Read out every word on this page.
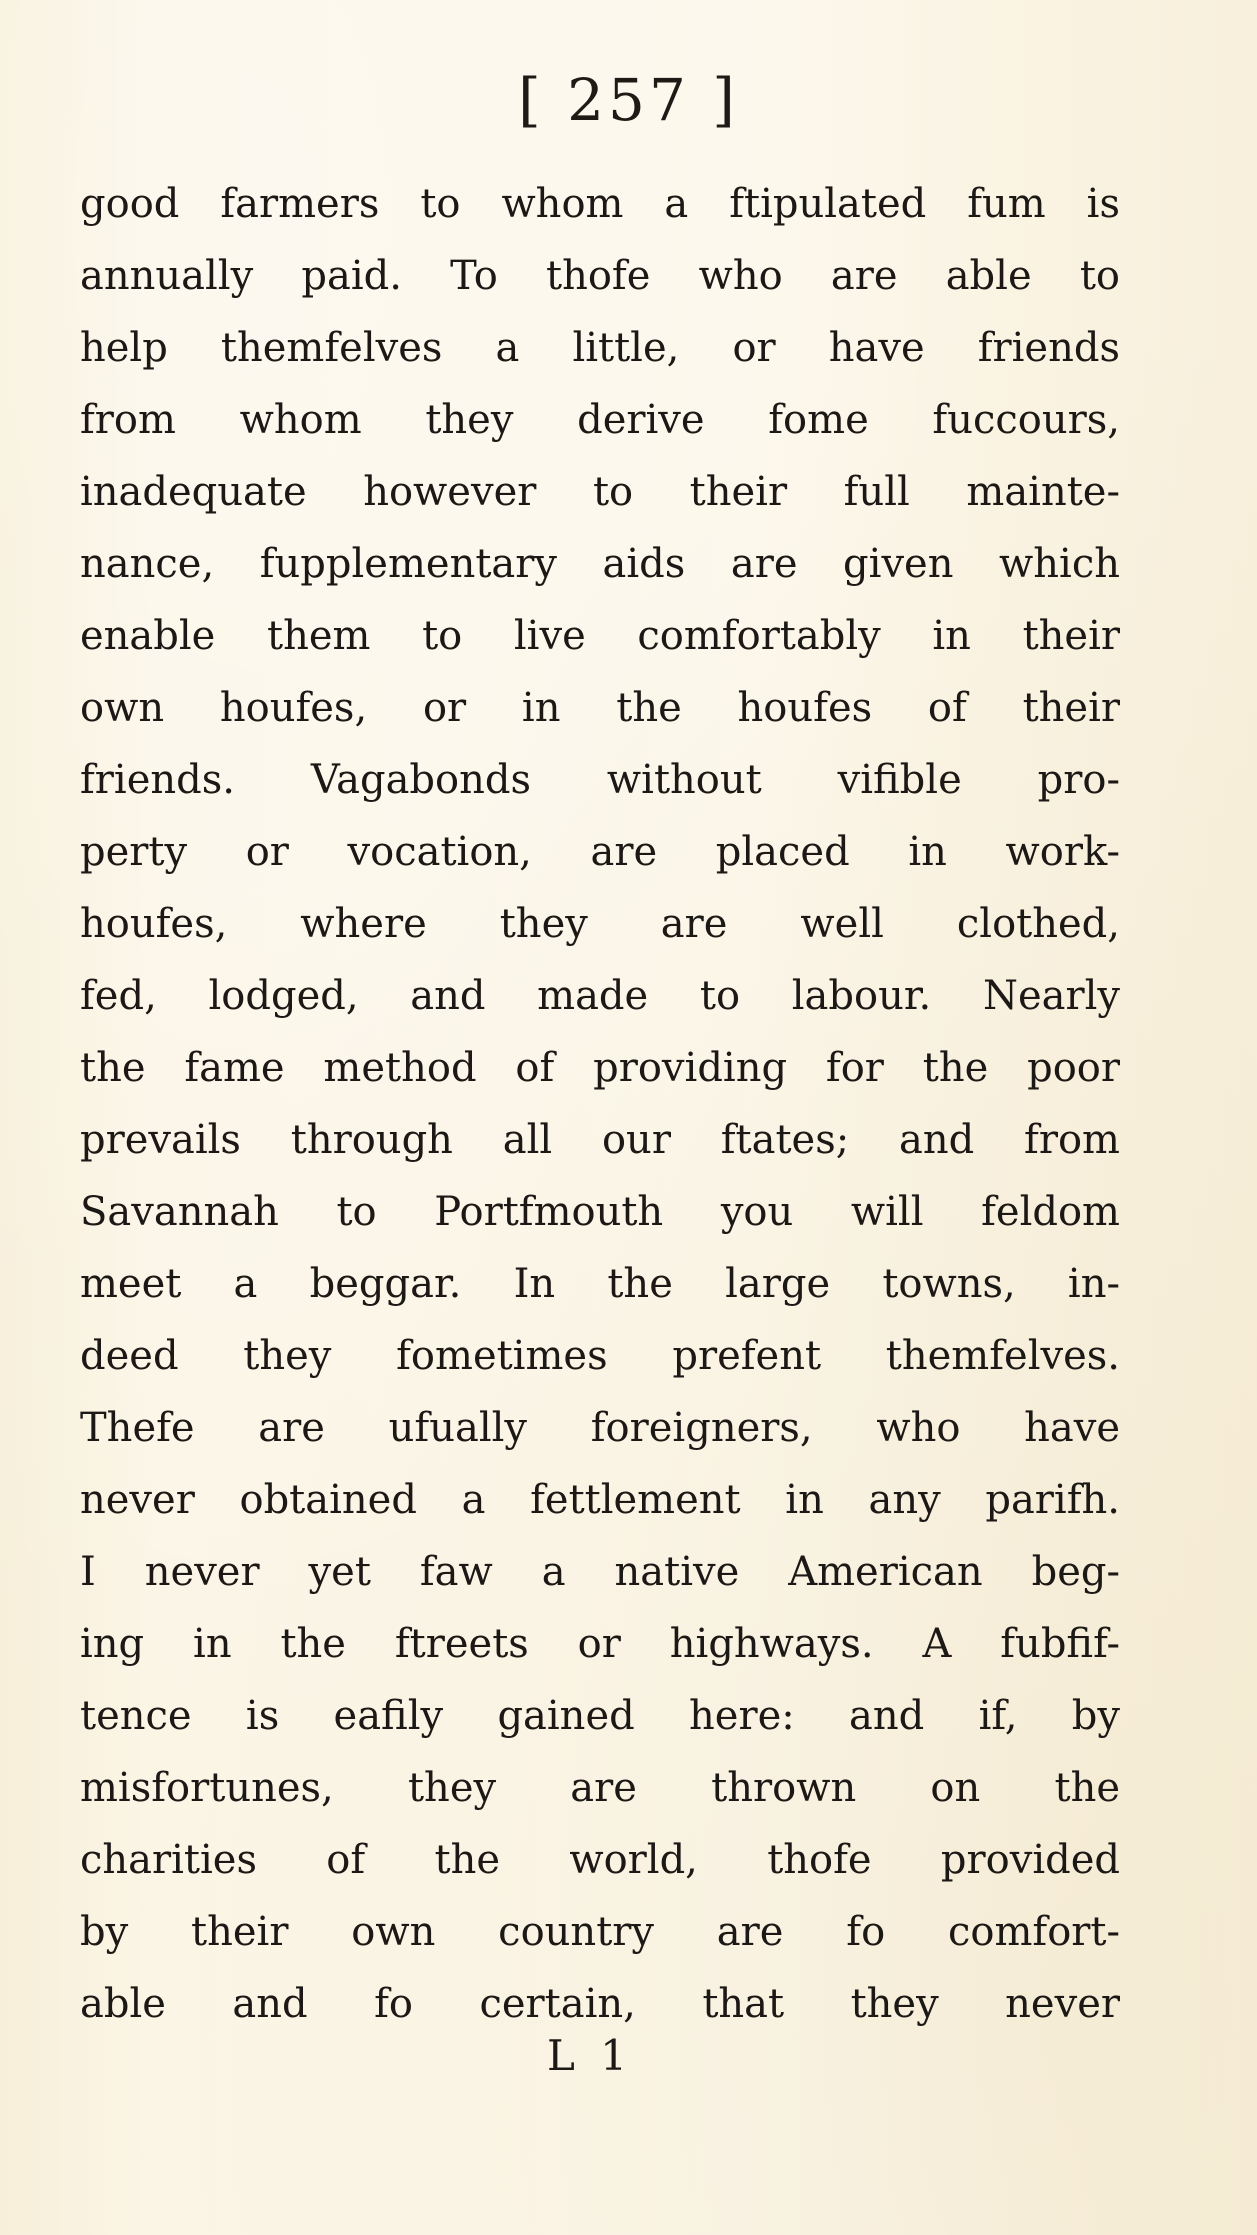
[ 257 ]
good farmers to whom a ftipulated fum is
annually paid. To thofe who are able to
help themfelves a little, or have friends
from whom they derive fome fuccours,
inadequate however to their full mainte-
nance, fupplementary aids are given which
enable them to live comfortably in their
own houfes, or in the houfes of their
friends. Vagabonds without vifible pro-
perty or vocation, are placed in work-
houfes, where they are well clothed,
fed, lodged, and made to labour. Nearly
the fame method of providing for the poor
prevails through all our ftates; and from
Savannah to Portfmouth you will feldom
meet a beggar. In the large towns, in-
deed they fometimes prefent themfelves.
Thefe are ufually foreigners, who have
never obtained a fettlement in any parifh.
I never yet faw a native American beg-
ing in the ftreets or highways. A fubfif-
tence is eafily gained here: and if, by
misfortunes, they are thrown on the
charities of the world, thofe provided
by their own country are fo comfort-
able and fo certain, that they never
L 1
